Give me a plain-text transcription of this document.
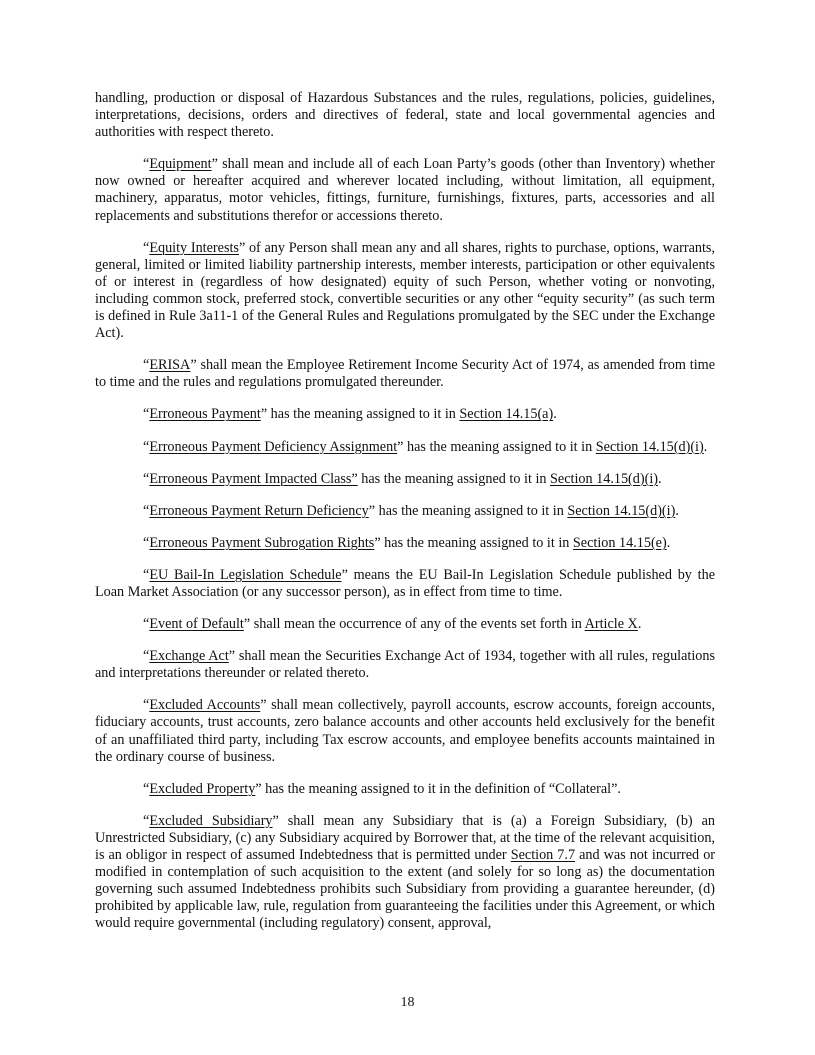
handling, production or disposal of Hazardous Substances and the rules, regulations, policies, guidelines, interpretations, decisions, orders and directives of federal, state and local governmental agencies and authorities with respect thereto.

“Equipment” shall mean and include all of each Loan Party’s goods (other than Inventory) whether now owned or hereafter acquired and wherever located including, without limitation, all equipment, machinery, apparatus, motor vehicles, fittings, furniture, furnishings, fixtures, parts, accessories and all replacements and substitutions therefor or accessions thereto.

“Equity Interests” of any Person shall mean any and all shares, rights to purchase, options, warrants, general, limited or limited liability partnership interests, member interests, participation or other equivalents of or interest in (regardless of how designated) equity of such Person, whether voting or nonvoting, including common stock, preferred stock, convertible securities or any other “equity security” (as such term is defined in Rule 3a11-1 of the General Rules and Regulations promulgated by the SEC under the Exchange Act).

“ERISA” shall mean the Employee Retirement Income Security Act of 1974, as amended from time to time and the rules and regulations promulgated thereunder.

“Erroneous Payment” has the meaning assigned to it in Section 14.15(a).

“Erroneous Payment Deficiency Assignment” has the meaning assigned to it in Section 14.15(d)(i).

“Erroneous Payment Impacted Class” has the meaning assigned to it in Section 14.15(d)(i).

“Erroneous Payment Return Deficiency” has the meaning assigned to it in Section 14.15(d)(i).

“Erroneous Payment Subrogation Rights” has the meaning assigned to it in Section 14.15(e).

“EU Bail-In Legislation Schedule” means the EU Bail-In Legislation Schedule published by the Loan Market Association (or any successor person), as in effect from time to time.

“Event of Default” shall mean the occurrence of any of the events set forth in Article X.

“Exchange Act” shall mean the Securities Exchange Act of 1934, together with all rules, regulations and interpretations thereunder or related thereto.

“Excluded Accounts” shall mean collectively, payroll accounts, escrow accounts, foreign accounts, fiduciary accounts, trust accounts, zero balance accounts and other accounts held exclusively for the benefit of an unaffiliated third party, including Tax escrow accounts, and employee benefits accounts maintained in the ordinary course of business.

“Excluded Property” has the meaning assigned to it in the definition of “Collateral”.

“Excluded Subsidiary” shall mean any Subsidiary that is (a) a Foreign Subsidiary, (b) an Unrestricted Subsidiary, (c) any Subsidiary acquired by Borrower that, at the time of the relevant acquisition, is an obligor in respect of assumed Indebtedness that is permitted under Section 7.7 and was not incurred or modified in contemplation of such acquisition to the extent (and solely for so long as) the documentation governing such assumed Indebtedness prohibits such Subsidiary from providing a guarantee hereunder, (d) prohibited by applicable law, rule, regulation from guaranteeing the facilities under this Agreement, or which would require governmental (including regulatory) consent, approval,

18
